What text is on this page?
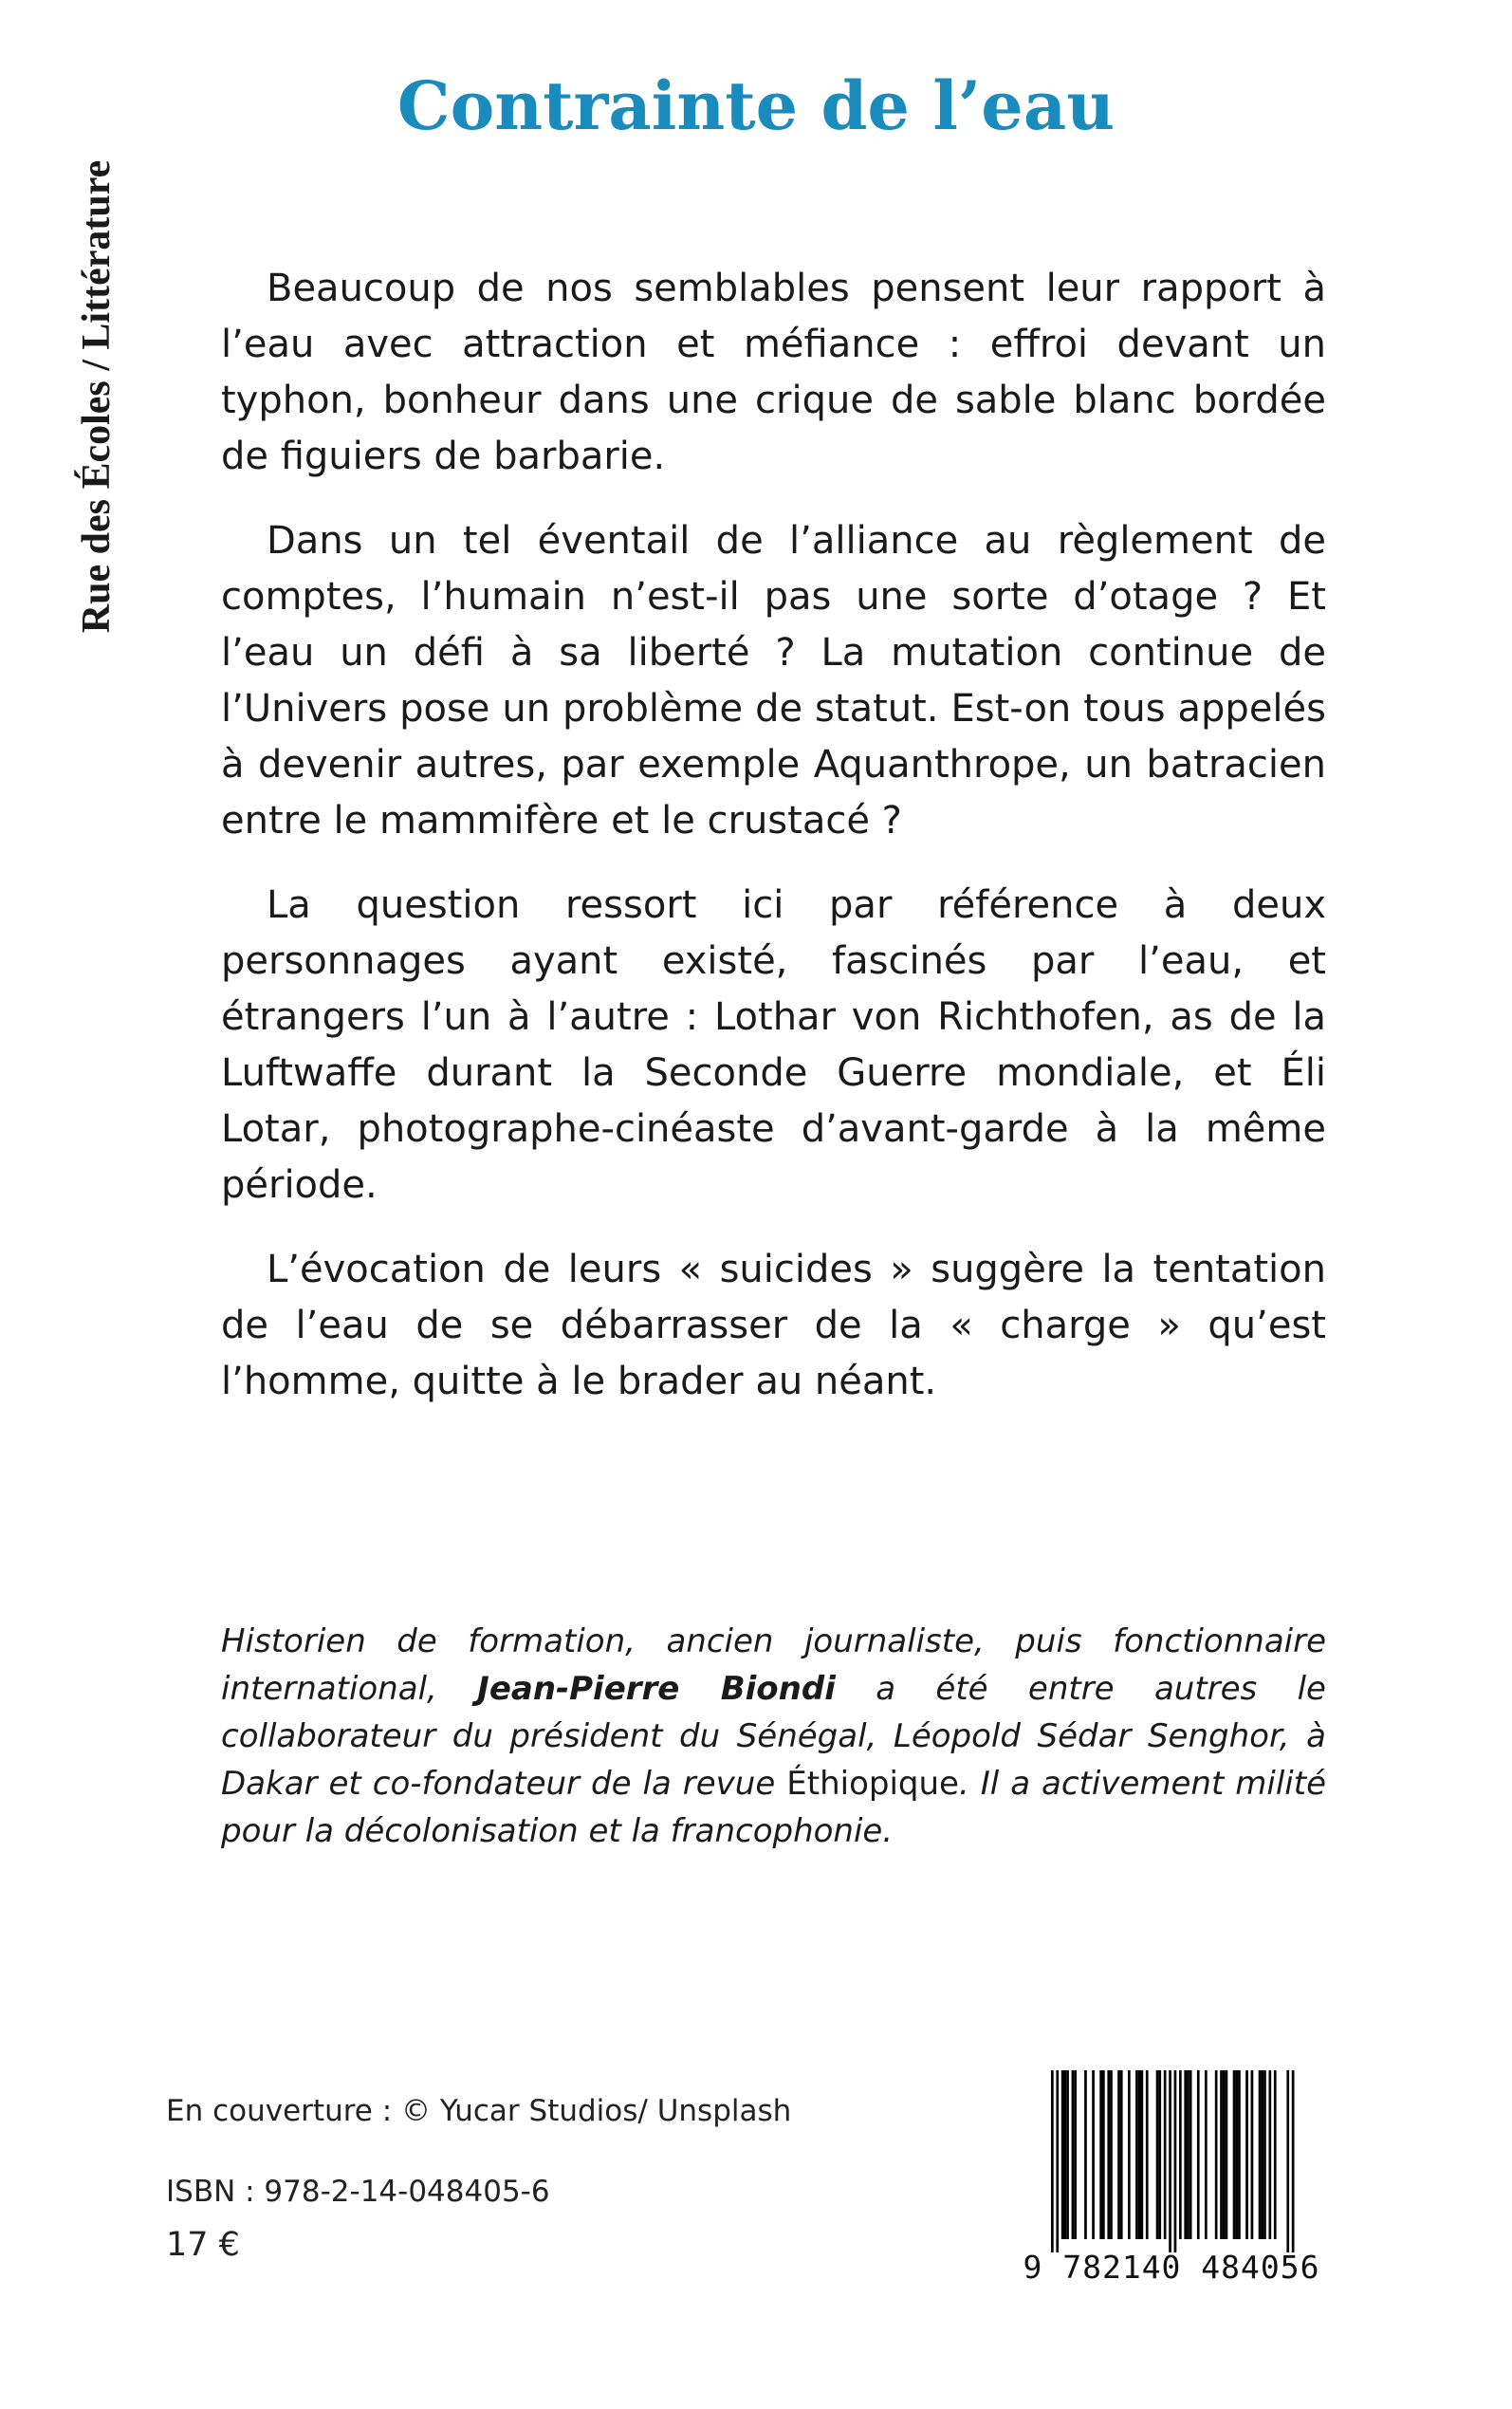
Rue des Écoles / Littérature
Contrainte de l’eau

Beaucoup de nos semblables pensent leur rapport à l’eau avec attraction et méfiance : effroi devant un typhon, bonheur dans une crique de sable blanc bordée de figuiers de barbarie.

Dans un tel éventail de l’alliance au règlement de comptes, l’humain n’est-il pas une sorte d’otage ? Et l’eau un défi à sa liberté ? La mutation continue de l’Univers pose un problème de statut. Est-on tous appelés à devenir autres, par exemple Aquanthrope, un batracien entre le mammifère et le crustacé ?

La question ressort ici par référence à deux personnages ayant existé, fascinés par l’eau, et étrangers l’un à l’autre : Lothar von Richthofen, as de la Luftwaffe durant la Seconde Guerre mondiale, et Éli Lotar, photographe-cinéaste d’avant-garde à la même période.

L’évocation de leurs « suicides » suggère la tentation de l’eau de se débarrasser de la « charge » qu’est l’homme, quitte à le brader au néant.

Historien de formation, ancien journaliste, puis fonctionnaire international, Jean-Pierre Biondi a été entre autres le collaborateur du président du Sénégal, Léopold Sédar Senghor, à Dakar et co-fondateur de la revue Éthiopique. Il a activement milité pour la décolonisation et la francophonie.

En couverture : © Yucar Studios/ Unsplash

ISBN : 978-2-14-048405-6

17 €

9 782140 484056
